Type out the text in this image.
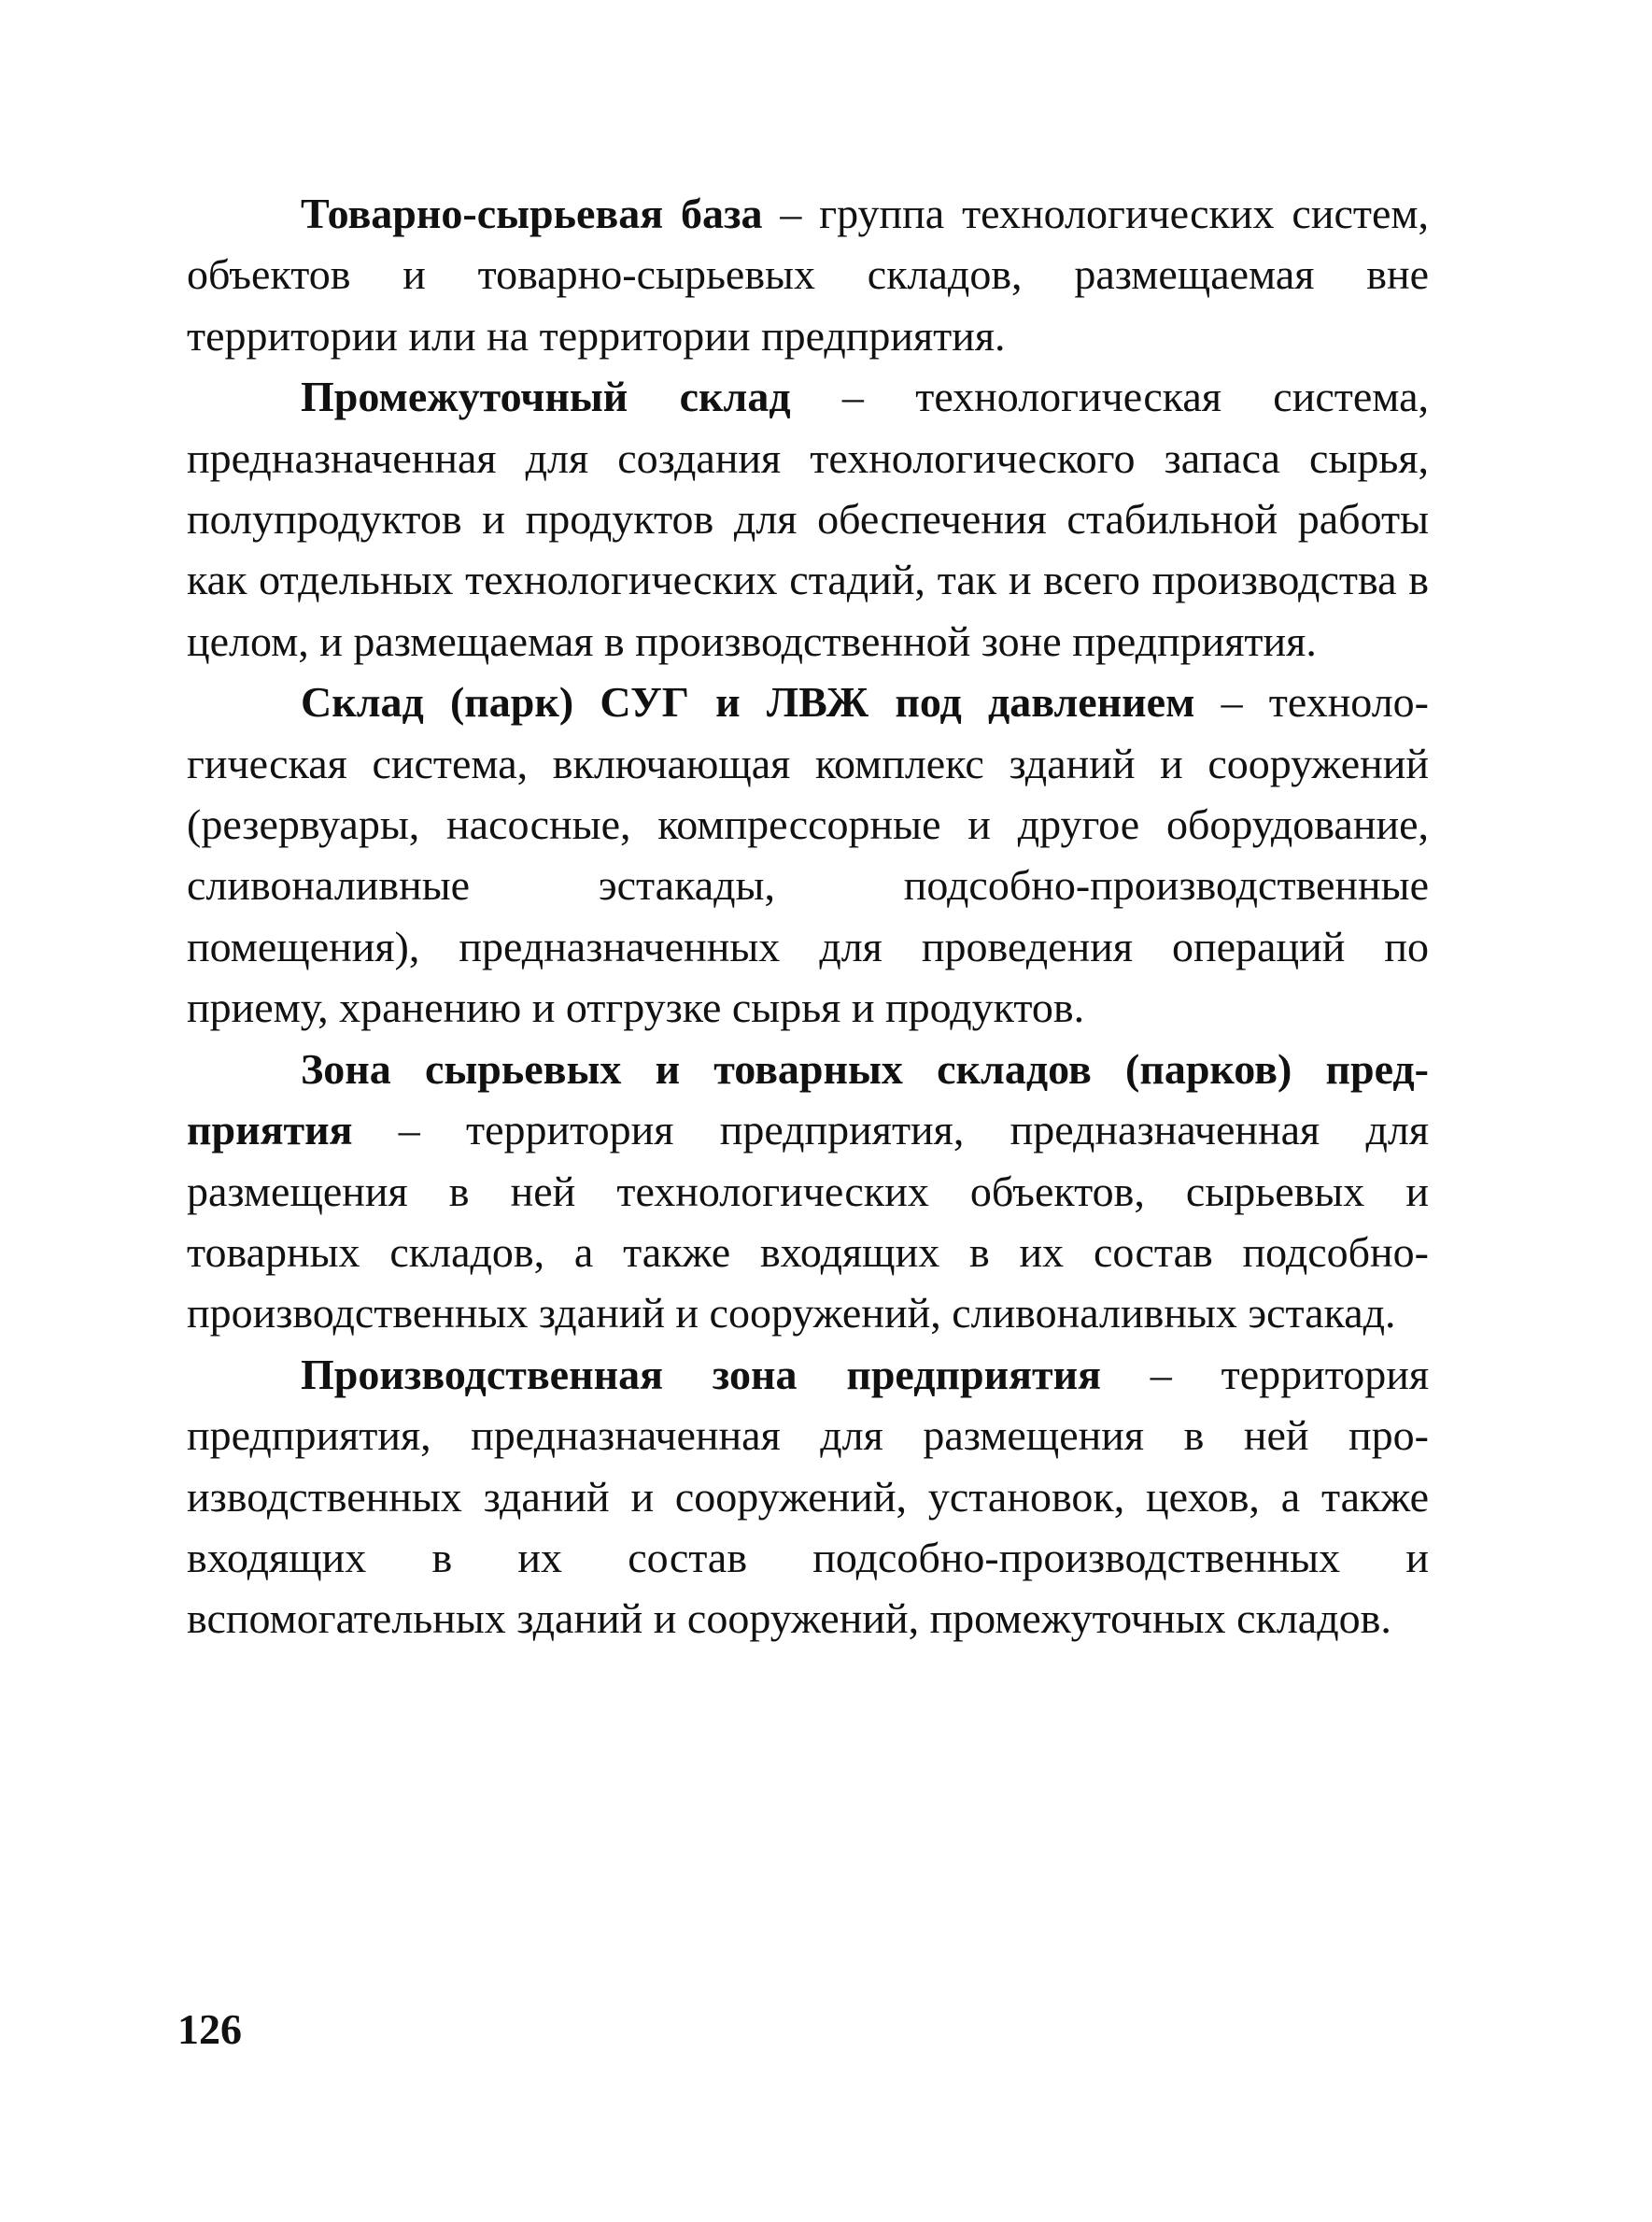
Товарно-сырьевая база – группа технологических систем, объектов и товарно-сырьевых складов, размещаемая вне территории или на территории предприятия.

Промежуточный склад – технологическая система, предназначенная для создания технологического запаса сырья, полупродуктов и продуктов для обеспечения стабильной работы как отдельных технологических стадий, так и всего производства в целом, и размещаемая в производственной зоне предприятия.

Склад (парк) СУГ и ЛВЖ под давлением – технологическая система, включающая комплекс зданий и сооружений (резервуары, насосные, компрессорные и другое оборудование, сливоналивные эстакады, подсобно-производственные помещения), предназначенных для проведения операций по приему, хранению и отгрузке сырья и продуктов.

Зона сырьевых и товарных складов (парков) предприятия – территория предприятия, предназначенная для размещения в ней технологических объектов, сырьевых и товарных складов, а также входящих в их состав подсобно-производственных зданий и сооружений, сливоналивных эстакад.

Производственная зона предприятия – территория предприятия, предназначенная для размещения в ней производственных зданий и сооружений, установок, цехов, а также входящих в их состав подсобно-производственных и вспомогательных зданий и сооружений, промежуточных складов.

126
